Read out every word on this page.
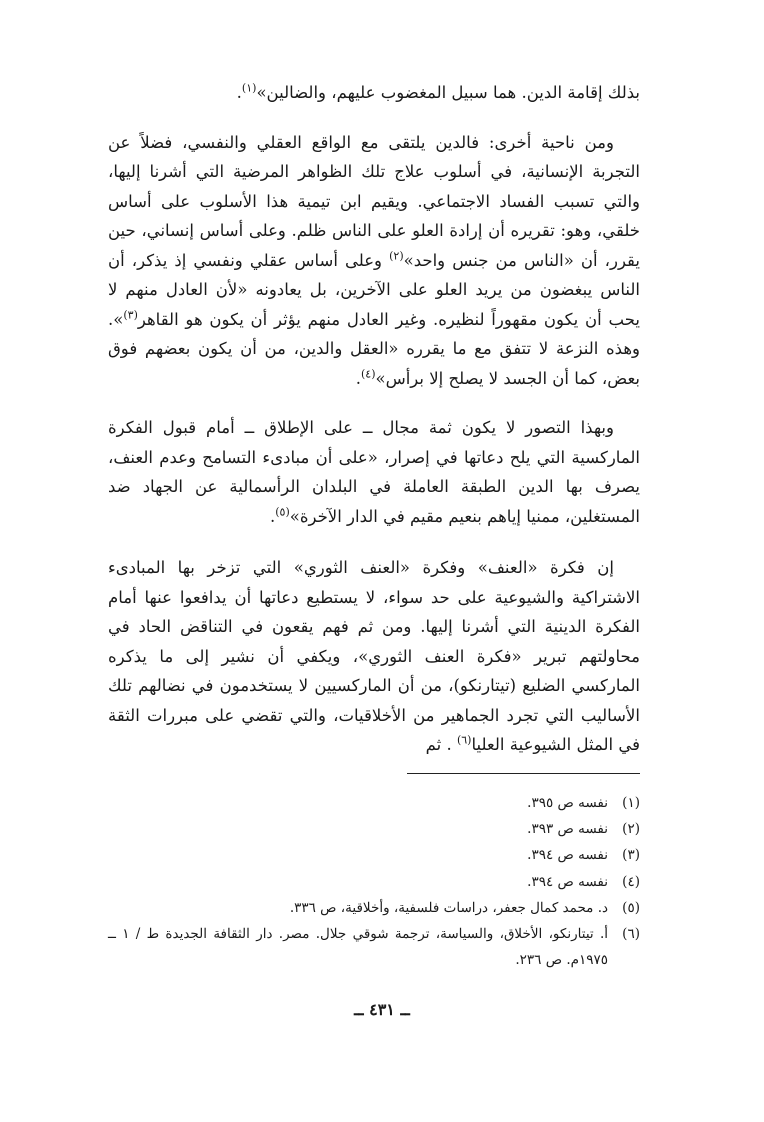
بذلك إقامة الدين. هما سبيل المغضوب عليهم، والضالين»$^{(١)}$.

ومن ناحية أخرى: فالدين يلتقى مع الواقع العقلي والنفسي، فضلاً عن التجربة الإنسانية، في أسلوب علاج تلك الظواهر المرضية التي أشرنا إليها، والتي تسبب الفساد الاجتماعي. ويقيم ابن تيمية هذا الأسلوب على أساس خلقي، وهو: تقريره أن إرادة العلو على الناس ظلم. وعلى أساس إنساني، حين يقرر، أن «الناس من جنس واحد»$^{(٢)}$ وعلى أساس عقلي ونفسي إذ يذكر، أن الناس يبغضون من يريد العلو على الآخرين، بل يعادونه «لأن العادل منهم لا يحب أن يكون مقهوراً لنظيره. وغير العادل منهم يؤثر أن يكون هو القاهر$^{(٣)}$». وهذه النزعة لا تتفق مع ما يقرره «العقل والدين، من أن يكون بعضهم فوق بعض، كما أن الجسد لا يصلح إلا برأس»$^{(٤)}$.

وبهذا التصور لا يكون ثمة مجال ــ على الإطلاق ــ أمام قبول الفكرة الماركسية التي يلح دعاتها في إصرار، «على أن مبادىء التسامح وعدم العنف، يصرف بها الدين الطبقة العاملة في البلدان الرأسمالية عن الجهاد ضد المستغلين، ممنيا إياهم بنعيم مقيم في الدار الآخرة»$^{(٥)}$.

إن فكرة «العنف» وفكرة «العنف الثوري» التي تزخر بها المبادىء الاشتراكية والشيوعية على حد سواء، لا يستطيع دعاتها أن يدافعوا عنها أمام الفكرة الدينية التي أشرنا إليها. ومن ثم فهم يقعون في التناقض الحاد في محاولتهم تبرير «فكرة العنف الثوري»، ويكفي أن نشير إلى ما يذكره الماركسي الضليع (تيتارنكو)، من أن الماركسيين لا يستخدمون في نضالهم تلك الأساليب التي تجرد الجماهير من الأخلاقيات، والتي تقضي على مبررات الثقة في المثل الشيوعية العليا$^{(٦)}$ . ثم

(١)
نفسه ص ٣٩٥.
(٢)
نفسه ص ٣٩٣.
(٣)
نفسه ص ٣٩٤.
(٤)
نفسه ص ٣٩٤.
(٥)
د. محمد كمال جعفر، دراسات فلسفية، وأخلاقية، ص ٣٣٦.
(٦)
أ. تيتارنكو، الأخلاق، والسياسة، ترجمة شوقي جلال. مصر. دار الثقافة الجديدة ط / ١ ــ ١٩٧٥م. ص ٢٣٦.
ــ ٤٣١ ــ
